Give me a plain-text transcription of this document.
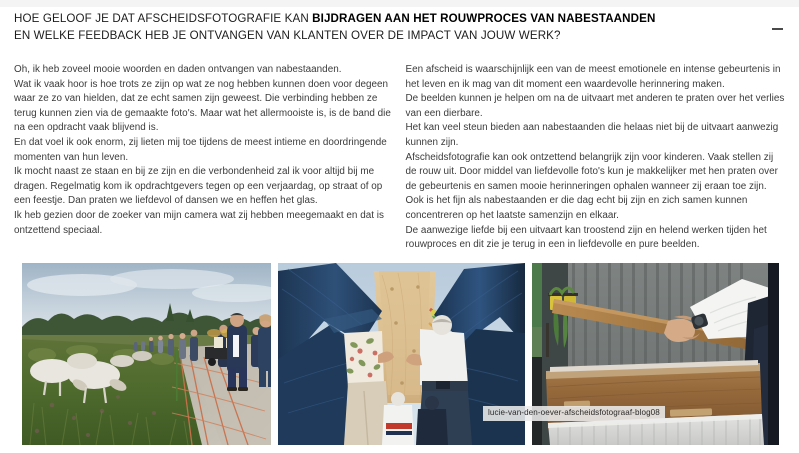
HOE GELOOF JE DAT AFSCHEIDSFOTOGRAFIE KAN BIJDRAGEN AAN HET ROUWPROCES VAN NABESTAANDEN
EN WELKE FEEDBACK HEB JE ONTVANGEN VAN KLANTEN OVER DE IMPACT VAN JOUW WERK?

Oh, ik heb zoveel mooie woorden en daden ontvangen van nabestaanden.

Wat ik vaak hoor is hoe trots ze zijn op wat ze nog hebben kunnen doen voor degeen waar ze zo van hielden, dat ze echt samen zijn geweest. Die verbinding hebben ze terug kunnen zien via de gemaakte foto's. Maar wat het allermooiste is, is de band die na een opdracht vaak blijvend is.

En dat voel ik ook enorm, zij lieten mij toe tijdens de meest intieme en doordringende momenten van hun leven.

Ik mocht naast ze staan en bij ze zijn en die verbondenheid zal ik voor altijd bij me dragen. Regelmatig kom ik opdrachtgevers tegen op een verjaardag, op straat of op een feestje. Dan praten we liefdevol of dansen we en heffen het glas.

Ik heb gezien door de zoeker van mijn camera wat zij hebben meegemaakt en dat is ontzettend speciaal.

Een afscheid is waarschijnlijk een van de meest emotionele en intense gebeurtenis in het leven en ik mag van dit moment een waardevolle herinnering maken.

De beelden kunnen je helpen om na de uitvaart met anderen te praten over het verlies van een dierbare.

Het kan veel steun bieden aan nabestaanden die helaas niet bij de uitvaart aanwezig kunnen zijn.

Afscheidsfotografie kan ook ontzettend belangrijk zijn voor kinderen. Vaak stellen zij de rouw uit. Door middel van liefdevolle foto's kun je makkelijker met hen praten over de gebeurtenis en samen mooie herinneringen ophalen wanneer zij eraan toe zijn. Ook is het fijn als nabestaanden er die dag echt bij zijn en zich samen kunnen concentreren op het laatste samenzijn en elkaar.

De aanwezige liefde bij een uitvaart kan troostend zijn en helend werken tijden het rouwproces en dit zie je terug in een in liefdevolle en pure beelden.

lucie-van-den-oever-afscheidsfotograaf-blog08
